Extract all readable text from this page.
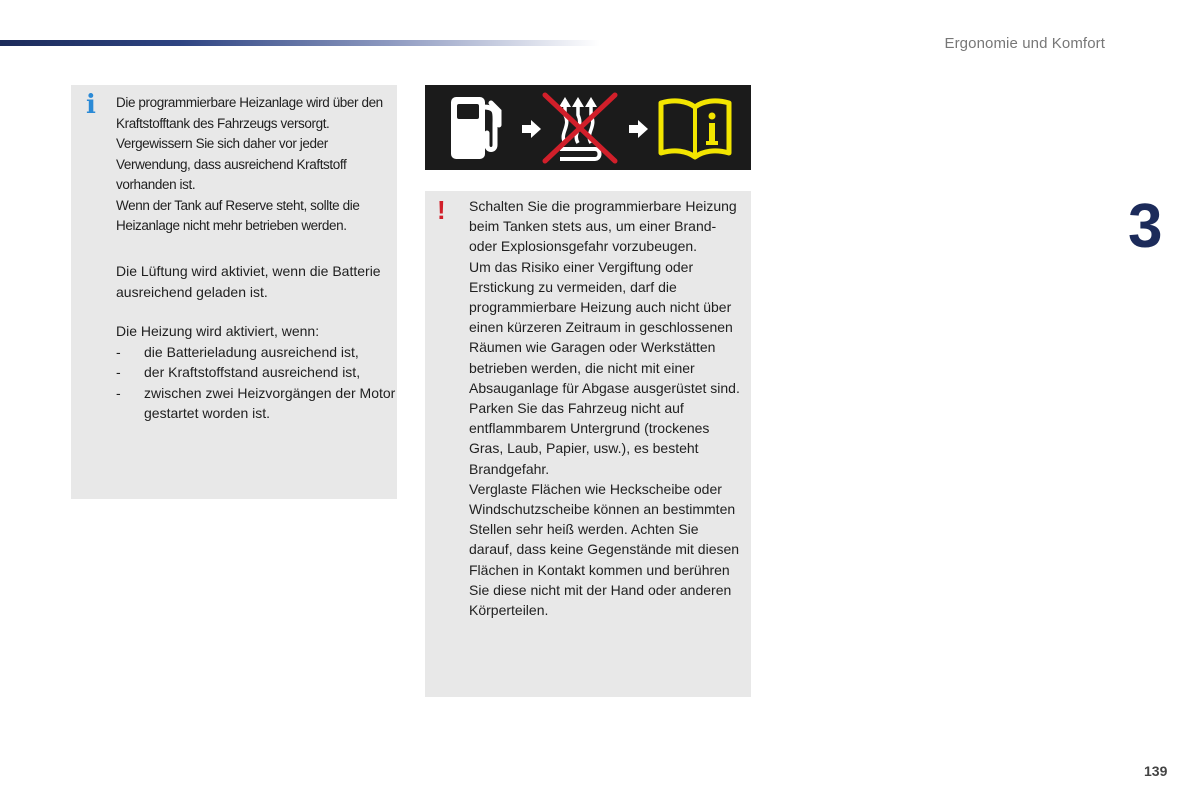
Ergonomie und Komfort
3
139
i Die programmierbare Heizanlage wird über den Kraftstofftank des Fahrzeugs versorgt. Vergewissern Sie sich daher vor jeder Verwendung, dass ausreichend Kraftstoff vorhanden ist.

Wenn der Tank auf Reserve steht, sollte die Heizanlage nicht mehr betrieben werden.

Die Lüftung wird aktiviet, wenn die Batterie ausreichend geladen ist.

Die Heizung wird aktiviert, wenn:

- die Batterieladung ausreichend ist,
- der Kraftstoffstand ausreichend ist,
- zwischen zwei Heizvorgängen der Motor gestartet worden ist.
! Schalten Sie die programmierbare Heizung beim Tanken stets aus, um einer Brand- oder Explosionsgefahr vorzubeugen.

Um das Risiko einer Vergiftung oder Erstickung zu vermeiden, darf die programmierbare Heizung auch nicht über einen kürzeren Zeitraum in geschlossenen Räumen wie Garagen oder Werkstätten betrieben werden, die nicht mit einer Absauganlage für Abgase ausgerüstet sind.

Parken Sie das Fahrzeug nicht auf entflammbarem Untergrund (trockenes Gras, Laub, Papier, usw.), es besteht Brandgefahr.

Verglaste Flächen wie Heckscheibe oder Windschutzscheibe können an bestimmten Stellen sehr heiß werden. Achten Sie darauf, dass keine Gegenstände mit diesen Flächen in Kontakt kommen und berühren Sie diese nicht mit der Hand oder anderen Körperteilen.
